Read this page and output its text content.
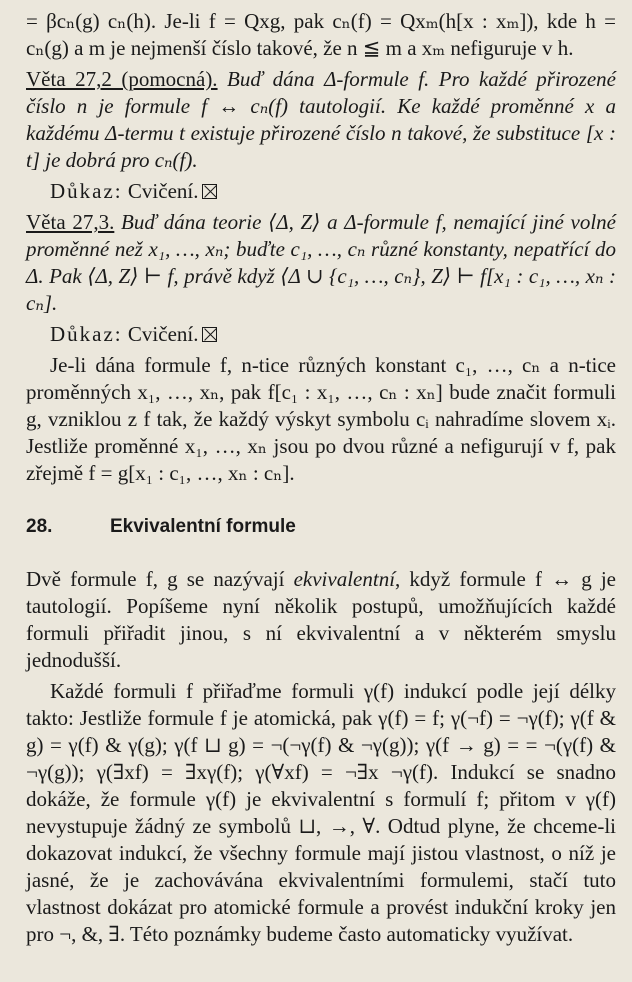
= βcₙ(g) cₙ(h). Je-li f = Qxg, pak cₙ(f) = Qxₘ(h[x : xₘ]), kde h = cₙ(g) a m je nejmenší číslo takové, že n ≦ m a xₘ nefiguruje v h.

Věta 27,2 (pomocná). Buď dána Δ-formule f. Pro každé přirozené číslo n je formule f ↔ cₙ(f) tautologií. Ke každé proměnné x a každému Δ-termu t existuje přirozené číslo n takové, že substituce [x : t] je dobrá pro cₙ(f).

Důkaz: Cvičení.

Věta 27,3. Buď dána teorie ⟨Δ, Z⟩ a Δ-formule f, nemající jiné volné proměnné než x₁, …, xₙ; buďte c₁, …, cₙ různé konstanty, nepatřící do Δ. Pak ⟨Δ, Z⟩ ⊢ f, právě když ⟨Δ ∪ {c₁, …, cₙ}, Z⟩ ⊢ f[x₁ : c₁, …, xₙ : cₙ].

Důkaz: Cvičení.

Je-li dána formule f, n-tice různých konstant c₁, …, cₙ a n-tice proměnných x₁, …, xₙ, pak f[c₁ : x₁, …, cₙ : xₙ] bude značit formuli g, vzniklou z f tak, že každý výskyt symbolu cᵢ nahradíme slovem xᵢ. Jestliže proměnné x₁, …, xₙ jsou po dvou různé a nefigurují v f, pak zřejmě f = g[x₁ : c₁, …, xₙ : cₙ].

28.	Ekvivalentní formule

Dvě formule f, g se nazývají ekvivalentní, když formule f ↔ g je tautologií. Popíšeme nyní několik postupů, umožňujících každé formuli přiřadit jinou, s ní ekvivalentní a v některém smyslu jednodušší.

Každé formuli f přiřaďme formuli γ(f) indukcí podle její délky takto: Jestliže formule f je atomická, pak γ(f) = f; γ(¬f) = ¬γ(f); γ(f & g) = γ(f) & γ(g); γ(f ⊔ g) = ¬(¬γ(f) & ¬γ(g)); γ(f → g) = = ¬(γ(f) & ¬γ(g)); γ(∃xf) = ∃xγ(f); γ(∀xf) = ¬∃x ¬γ(f). Indukcí se snadno dokáže, že formule γ(f) je ekvivalentní s formulí f; přitom v γ(f) nevystupuje žádný ze symbolů ⊔, →, ∀. Odtud plyne, že chceme-li dokazovat indukcí, že všechny formule mají jistou vlastnost, o níž je jasné, že je zachovávána ekvivalentními formulemi, stačí tuto vlastnost dokázat pro atomické formule a provést indukční kroky jen pro ¬, &, ∃. Této poznámky budeme často automaticky využívat.
